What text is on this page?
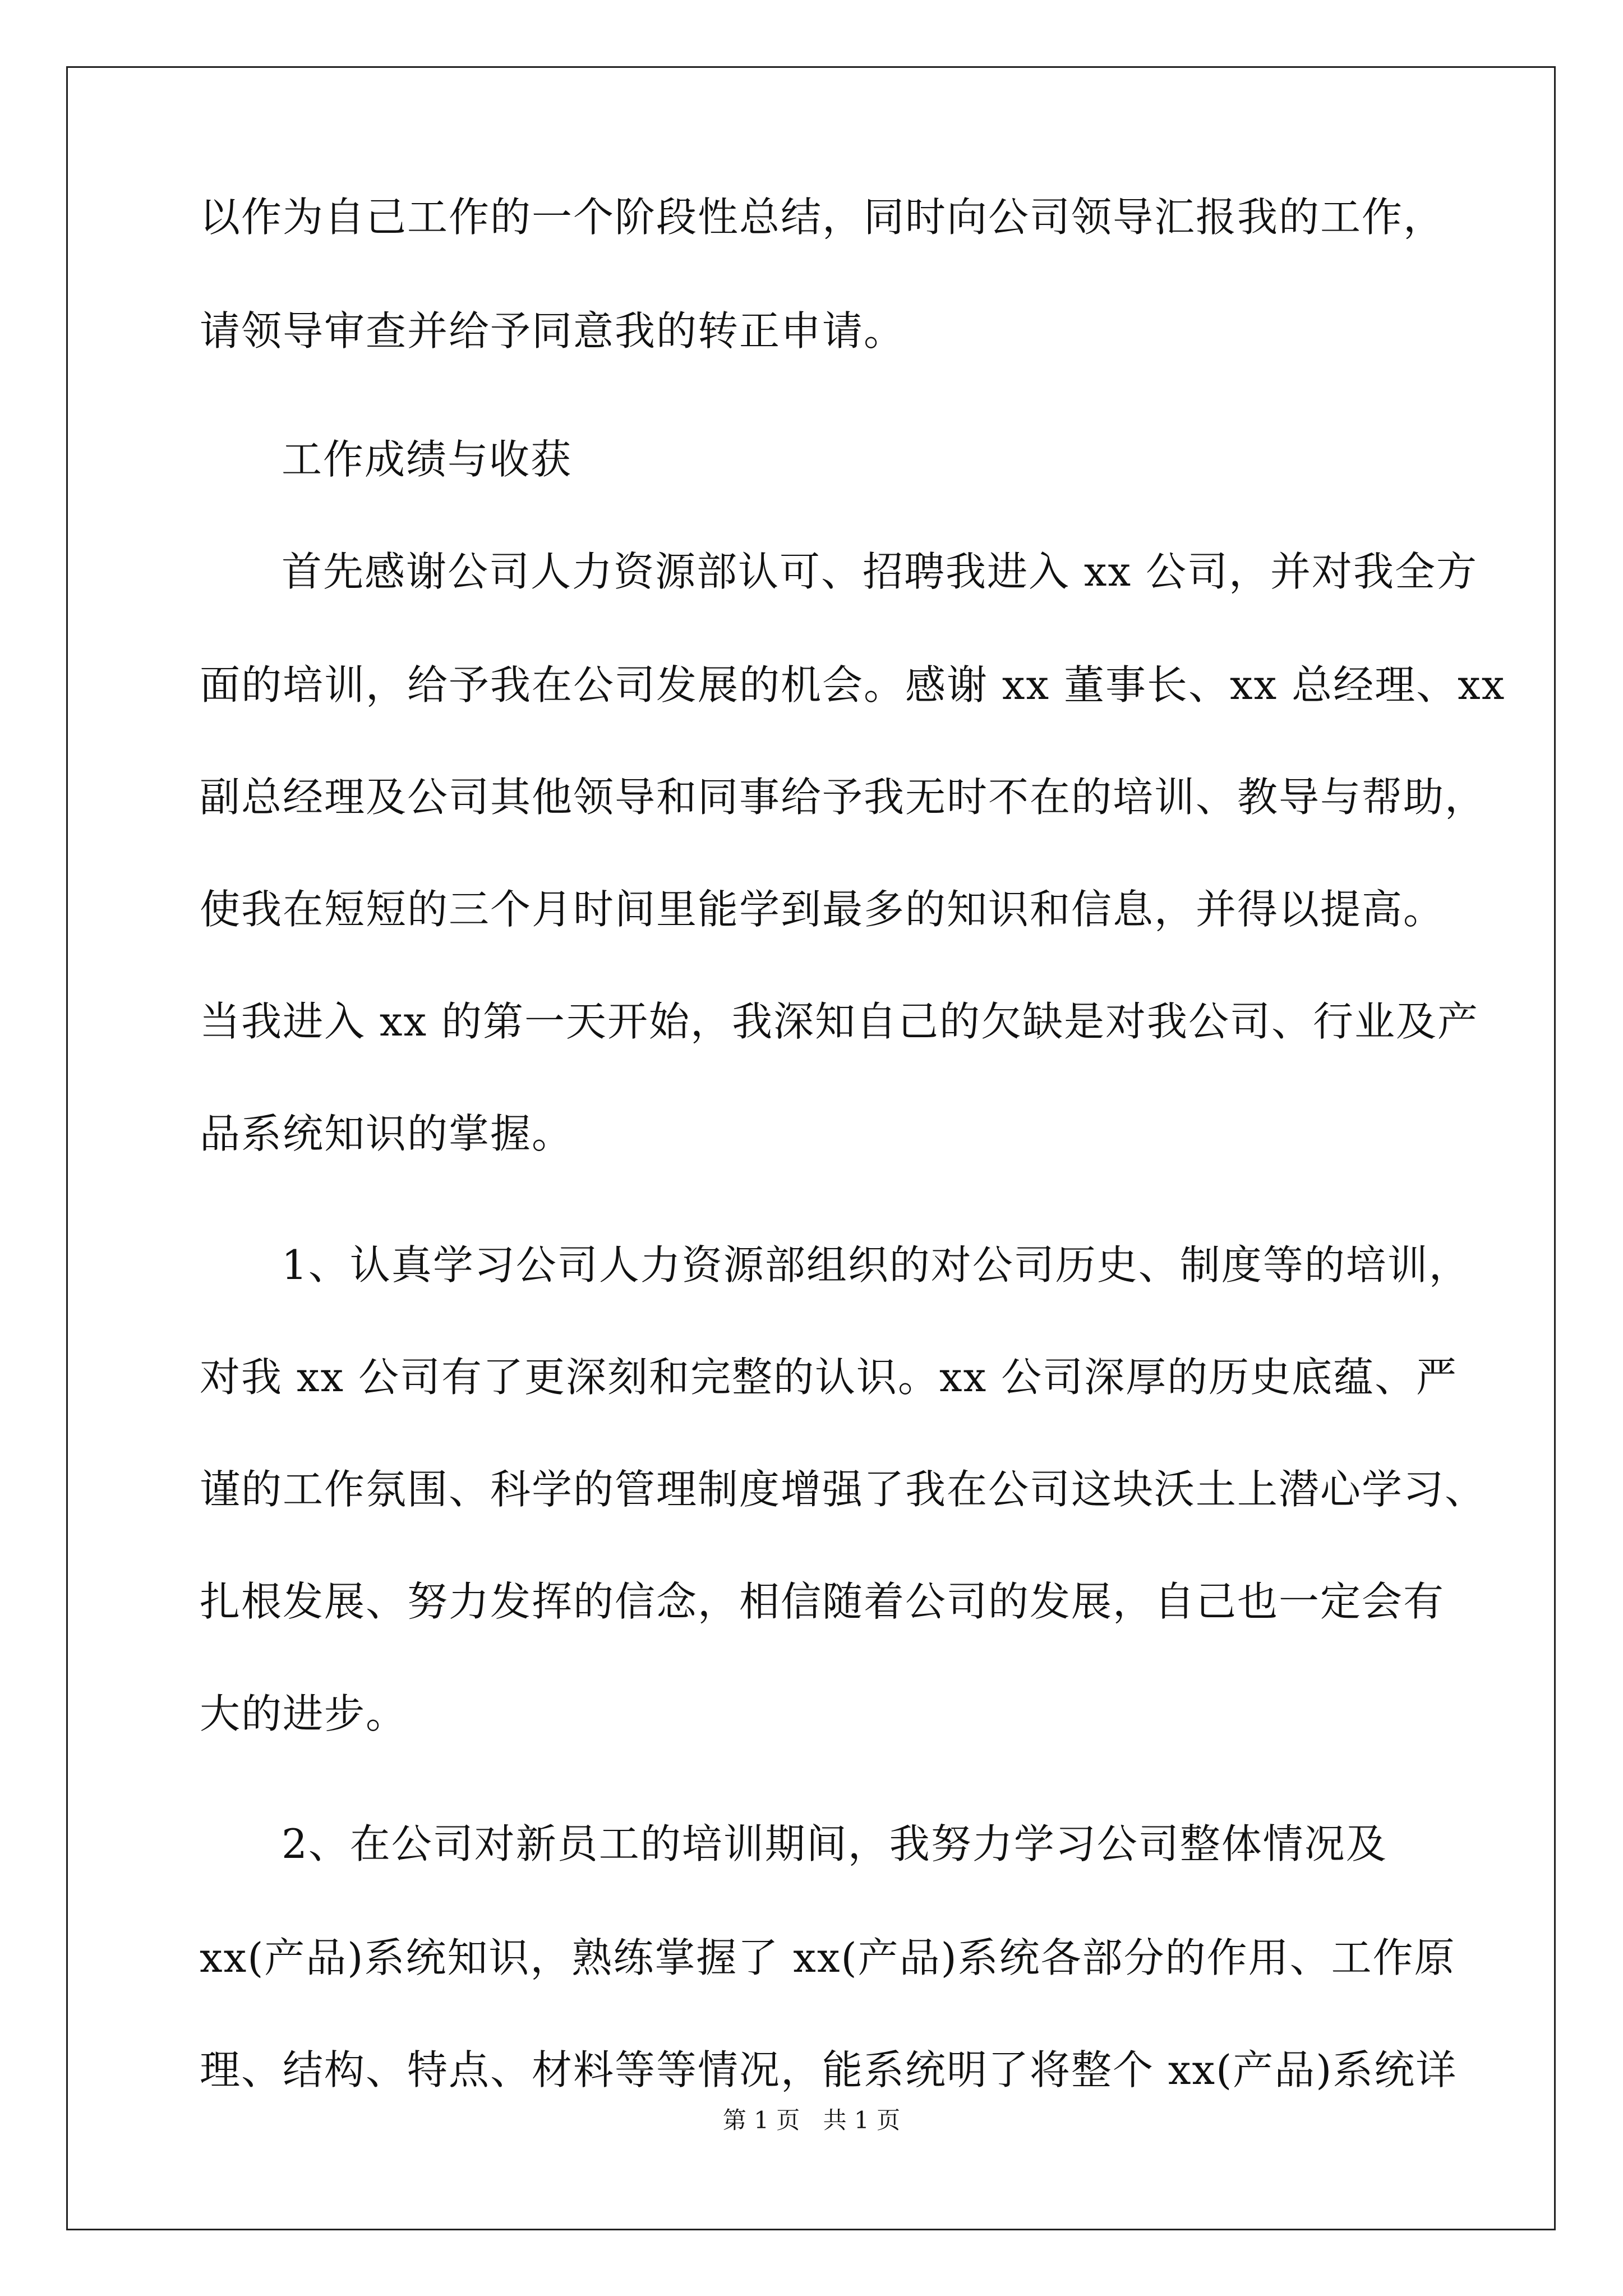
以作为自己工作的一个阶段性总结，同时向公司领导汇报我的工作，
请领导审查并给予同意我的转正申请。
工作成绩与收获
首先感谢公司人力资源部认可、招聘我进入 xx 公司，并对我全方
面的培训，给予我在公司发展的机会。感谢 xx 董事长、xx 总经理、xx
副总经理及公司其他领导和同事给予我无时不在的培训、教导与帮助，
使我在短短的三个月时间里能学到最多的知识和信息，并得以提高。
当我进入 xx 的第一天开始，我深知自己的欠缺是对我公司、行业及产
品系统知识的掌握。
1、认真学习公司人力资源部组织的对公司历史、制度等的培训，
对我 xx 公司有了更深刻和完整的认识。xx 公司深厚的历史底蕴、严
谨的工作氛围、科学的管理制度增强了我在公司这块沃土上潜心学习、
扎根发展、努力发挥的信念，相信随着公司的发展，自己也一定会有
大的进步。
2、在公司对新员工的培训期间，我努力学习公司整体情况及
xx(产品)系统知识，熟练掌握了 xx(产品)系统各部分的作用、工作原
理、结构、特点、材料等等情况，能系统明了将整个 xx(产品)系统详
第 1 页 共 1 页
